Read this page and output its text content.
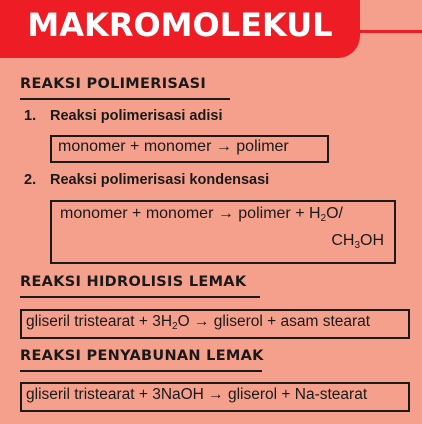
MAKROMOLEKUL
REAKSI POLIMERISASI
1. Reaksi polimerisasi adisi
monomer + monomer → polimer
2. Reaksi polimerisasi kondensasi
monomer + monomer → polimer + $H_2O/$
$CH_3OH$
REAKSI HIDROLISIS LEMAK
gliseril tristearat + $3H_2O$ → gliserol + asam stearat
REAKSI PENYABUNAN LEMAK
gliseril tristearat + 3NaOH → gliserol + Na-stearat
